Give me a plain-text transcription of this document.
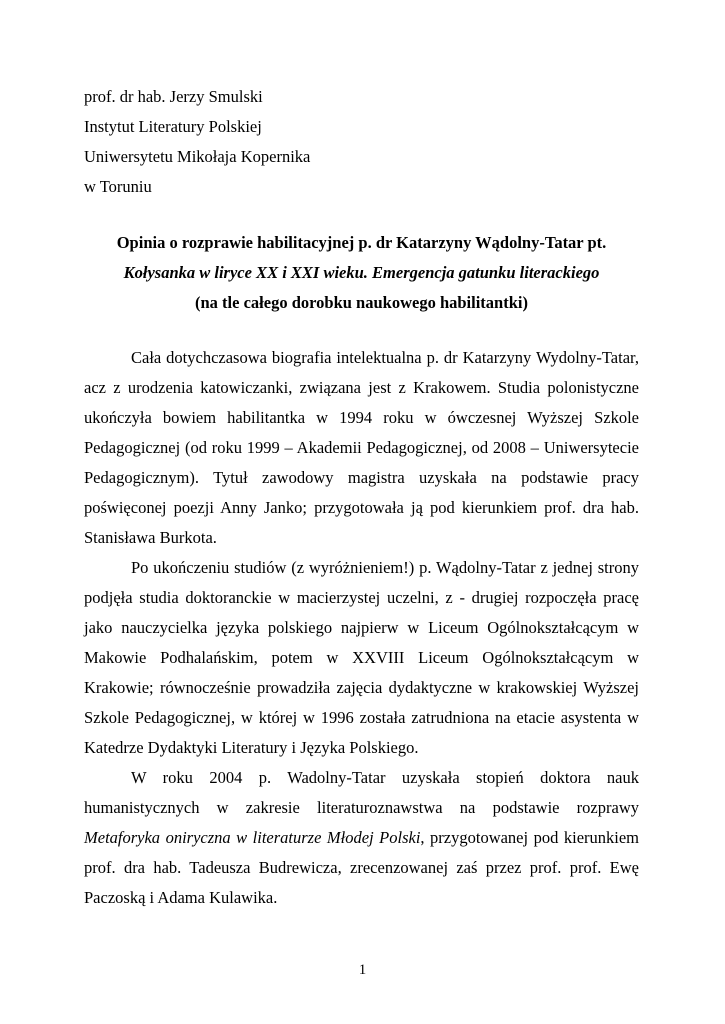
prof. dr hab. Jerzy Smulski
Instytut Literatury Polskiej
Uniwersytetu Mikołaja Kopernika
w Toruniu
Opinia o rozprawie habilitacyjnej p. dr Katarzyny Wądolny-Tatar pt.
Kołysanka w liryce XX i XXI wieku. Emergencja gatunku literackiego
(na tle całego dorobku naukowego habilitantki)

Cała dotychczasowa biografia intelektualna p. dr Katarzyny Wydolny-Tatar, acz z urodzenia katowiczanki, związana jest z Krakowem. Studia polonistyczne ukończyła bowiem habilitantka w 1994 roku w ówczesnej Wyższej Szkole Pedagogicznej (od roku 1999 – Akademii Pedagogicznej, od 2008 – Uniwersytecie Pedagogicznym). Tytuł zawodowy magistra uzyskała na podstawie pracy poświęconej poezji Anny Janko; przygotowała ją pod kierunkiem prof. dra hab. Stanisława Burkota.

Po ukończeniu studiów (z wyróżnieniem!) p. Wądolny-Tatar z jednej strony podjęła studia doktoranckie w macierzystej uczelni, z - drugiej rozpoczęła pracę jako nauczycielka języka polskiego najpierw w Liceum Ogólnokształcącym w Makowie Podhalańskim, potem w XXVIII Liceum Ogólnokształcącym w Krakowie; równocześnie prowadziła zajęcia dydaktyczne w krakowskiej Wyższej Szkole Pedagogicznej, w której w 1996 została zatrudniona na etacie asystenta w Katedrze Dydaktyki Literatury i Języka Polskiego.

W roku 2004 p. Wadolny-Tatar uzyskała stopień doktora nauk humanistycznych w zakresie literaturoznawstwa na podstawie rozprawy Metaforyka oniryczna w literaturze Młodej Polski, przygotowanej pod kierunkiem prof. dra hab. Tadeusza Budrewicza, zrecenzowanej zaś przez prof. prof. Ewę Paczoską i Adama Kulawika.

1
